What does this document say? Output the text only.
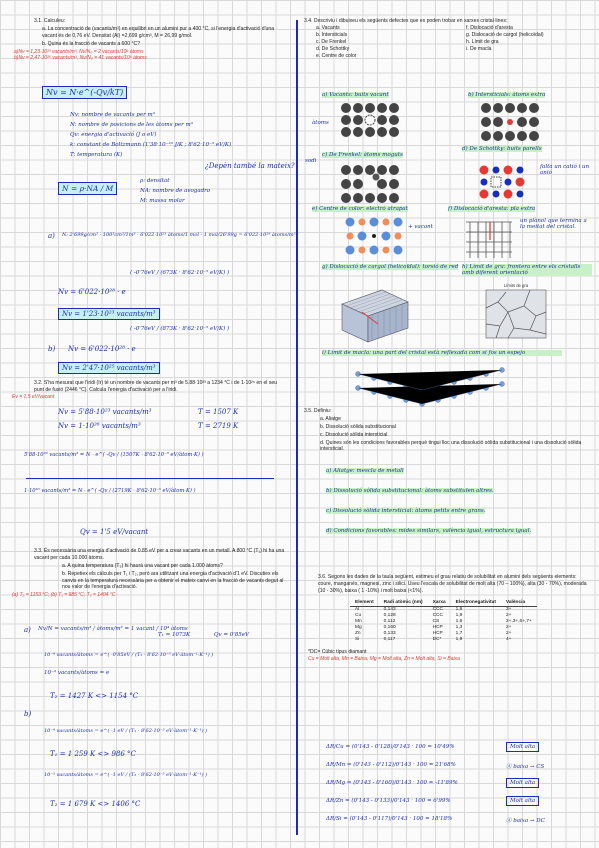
3.1. Calculeu:

a. La concentració de (vacants/m³) en equilibri en un alumini pur a 400 °C, si l'energia d'activació d'una vacant és de 0,76 eV. Densitat (Al) =2,699 g/cm³, M = 26,99 g/mol.

b. Quina és la fracció de vacants a 600 °C?

a)Nv = 1,23·10²³ vacants/m³, Nv/N₀ = 2 vacants/10⁶ àtoms
b)Nv = 2,47·10²⁵ vacants/m³, Nv/N₀ = 41 vacants/10⁶ àtoms
Nv = N·e^(-Qv/kT)
Nv: nombre de vacants per m³
N: nombre de posicions de les àtoms per m³
Qv: energia d'activació (J o eV)
k: constant de Boltzmann (1'38·10⁻²³ J/K ; 8'62·10⁻⁵ eV/K)
T: temperatura (K)
¿Depèn també la mateix?
N = ρ·NA / M
ρ: densitat
NA: nombre de avogadro
M: massa molar
a) N: 2'699g/cm³ · 100³cm³/1m³ · 6'022·10²³ àtoms/1 mol · 1 mol/26'99g = 6'022·10²⁸ àtoms/m³
( -0'76eV / (673K · 8'62·10⁻⁵ eV/K) )
Nv = 6'022·10²⁸ · e
Nv = 1'23·10²³ vacants/m³
( -0'76eV / (873K · 8'62·10⁻⁵ eV/K) )
b) Nv = 6'022·10²⁸ · e
Nv = 2'47·10²⁵ vacants/m³

3.2. S'ha mesurat que l'iridi (Ir) té un nombre de vacants per m³ de 5.88·10²³ a 1234 °C i de 1·10²⁶ en el seu punt de fusió (2446 °C). Calcula l'energia d'activació per a l'iridi.

Ev = 1,5 eV/vacant
Nv = 5'88·10²³ vacants/m³	T = 1507 K
Nv = 1·10²⁶ vacants/m³	T = 2719 K
5'88·10²³ vacants/m³ = N · e^( -Qv / (1507K · 8'62·10⁻⁵ eV/àtom·K) )
1·10²⁶ vacants/m³ = N · e^( -Qv / (2719K · 8'62·10⁻⁵ eV/àtom·K) )
Qv = 1'5 eV/vacant

3.3. És necessària una energia d'activació de 0.85 eV per a crear vacants en un metall. A 800 °C (T₁) hi ha una vacant per cada 10.000 àtoms.

a. A quina temperatura (T₂) hi haurà una vacant per cada 1.000 àtoms?

b. Repetiex els càlculs per T₁ i T₂, però ara utilitzant una energia d'activació d'1 eV. Discutiex els canvis en la temperatura necessària per a obtenir el mateix canvi en la fracció de vacants degut al nou valor de l'energia d'activació.

(a) T₂ = 1153 °C; (b) T₁ = 985 °C; T₂ = 1404 °C
a) Nv/N = vacants/m³ / àtoms/m³ = 1 vacant / 10⁴ àtoms
T₁ = 1073K	Qv = 0'85eV
10⁻⁴ vacants/àtoms = e^( -0'85eV / (T₂ · 8'62·10⁻⁵ eV·àtom⁻¹·K⁻¹) )
10⁻³ vacants/àtoms = e
T₂ = 1427 K <> 1154 °C
b)
10⁻⁴ vacants/àtoms = e^( -1 eV / (T₁ · 8'62·10⁻⁵ eV·àtom⁻¹·K⁻¹) )
T₁ = 1 259 K <> 986 °C
10⁻³ vacants/àtoms = e^( -1 eV / (T₂ · 8'62·10⁻⁵ eV·àtom⁻¹·K⁻¹) )
T₂ = 1 679 K <> 1406 °C

3.4. Descriviu i dibuixeu els següents defectes que es poden trobar en xarxes cristal·lines:

a. Vacants
b. Intersticials
c. De Frenkel
d. De Schottky
e. Centre de color
f. Dislocació d'aresta
g. Dislocació de cargol (helicoïdal)
h. Límit de gra
i. De macla
a) Vacants: buits vacant	b) Intersticials: àtoms extra
àtoms
c) De Frenkel: àtoms moguts
d) De Schottky: buits parells
sodi
falta un catió i un anió
e) Centre de color: electró atrapat	f) Dislocació d'aresta: pla extra
+ vacant
un plànol que termina a la meitat del cristal.
g) Dislocació de cargol (helicoïdal): torsió de red h) Límit de gra: frontera entre els cristalls amb diferent orientació
Límits de gra
i) Límit de macla: una part del cristal està reflexada com si fos un espejo

3.5. Definiu:

a. Aliatge

b. Dissolució sòlida substitucional

c. Dissolució sòlida intersticial

d. Quines són les condicions favorables perquè tingui lloc una dissolució sòlida substitucional i una dissolució sòlida intersticial.

a) Aliatge: mescla de metall
b) Dissolució sòlida substitucional: àtoms substituïen altres.
c) Dissolució sòlida intersticial: àtoms petits entre grans.
d) Condicions favorables: mides similars, valència igual, estructura igual.

3.6. Segons les dades de la taula següent, estimeu el grau relatiu de solubilitat en alumini dels següents elements: coure, manganès, magnesi, zinc i silici. Useu l'escala de solubilitat de molt alta (70 – 100%), alta (30 - 70%), moderada (10 - 30%), baixa ( 1 -10%) i molt baixa (<1%).

Element	Radi atòmic (nm)	Xarxa	Electronegativitat	València
Al	0,143	CCC	1,6	3+
Cu	0,128	CCC	1,9	2+
Mn	0,112	CS	1,6	2+,3+,6+,7+
Mg	0,160	HCP	1,3	2+
Zn	0,133	HCP	1,7	2+
Si	0,117	DC*	1,9	4+
*DC= Cúbic tipus diamant
Cu = Molt alta, Mn = Baixa, Mg = Molt alta, Zn = Molt alta, Si = Baixa
ΔR/Cu = (0'143 - 0'128)/0'143 · 100 = 10'49%	Molt alta
ΔR/Mn = (0'143 - 0'112)/0'143 · 100 = 21'68%	Ⓐ baixa → CS
ΔR/Mg = (0'143 - 0'160)/0'143 · 100 = -11'89%	Molt alta
ΔR/Zn = (0'143 - 0'133)/0'143 · 100 = 6'99%	Molt alta
ΔR/Si = (0'143 - 0'117)/0'143 · 100 = 18'18%	Ⓐ baixa → DC
